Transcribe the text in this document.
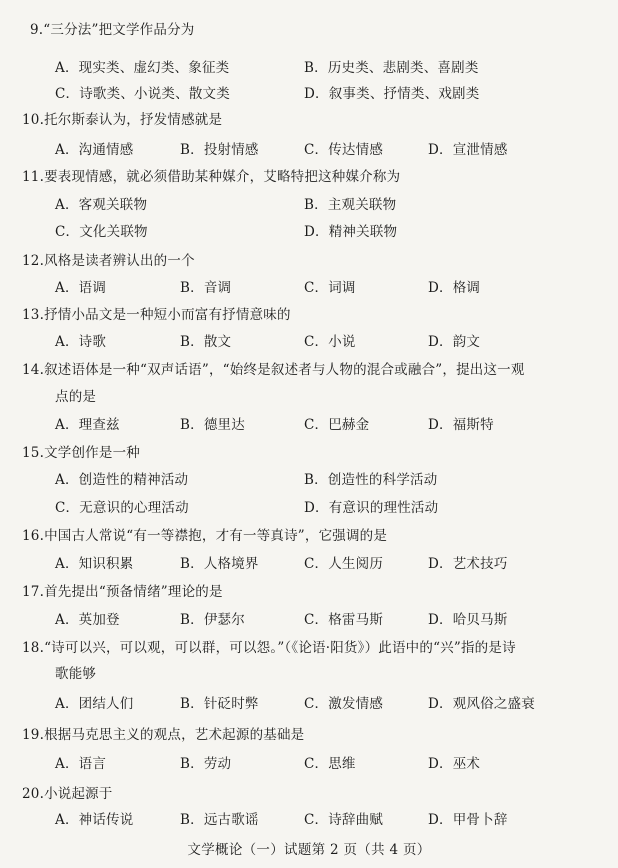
9.“三分法”把文学作品分为
A．现实类、虚幻类、象征类	B．历史类、悲剧类、喜剧类
C．诗歌类、小说类、散文类	D．叙事类、抒情类、戏剧类
10.托尔斯泰认为，抒发情感就是
A．沟通情感	B．投射情感	C．传达情感	D．宣泄情感
11.要表现情感，就必须借助某种媒介，艾略特把这种媒介称为
A．客观关联物	B．主观关联物
C．文化关联物	D．精神关联物
12.风格是读者辨认出的一个
A．语调	B．音调	C．词调	D．格调
13.抒情小品文是一种短小而富有抒情意味的
A．诗歌	B．散文	C．小说	D．韵文
14.叙述语体是一种“双声话语”，“始终是叙述者与人物的混合或融合”，提出这一观
点的是
A．理查兹	B．德里达	C．巴赫金	D．福斯特
15.文学创作是一种
A．创造性的精神活动	B．创造性的科学活动
C．无意识的心理活动	D．有意识的理性活动
16.中国古人常说“有一等襟抱，才有一等真诗”，它强调的是
A．知识积累	B．人格境界	C．人生阅历	D．艺术技巧
17.首先提出“预备情绪”理论的是
A．英加登	B．伊瑟尔	C．格雷马斯	D．哈贝马斯
18.“诗可以兴，可以观，可以群，可以怨。”（《论语·阳货》）此语中的“兴”指的是诗
歌能够
A．团结人们	B．针砭时弊	C．激发情感	D．观风俗之盛衰
19.根据马克思主义的观点，艺术起源的基础是
A．语言	B．劳动	C．思维	D．巫术
20.小说起源于
A．神话传说	B．远古歌谣	C．诗辞曲赋	D．甲骨卜辞
文学概论（一）试题第 2 页（共 4 页）
